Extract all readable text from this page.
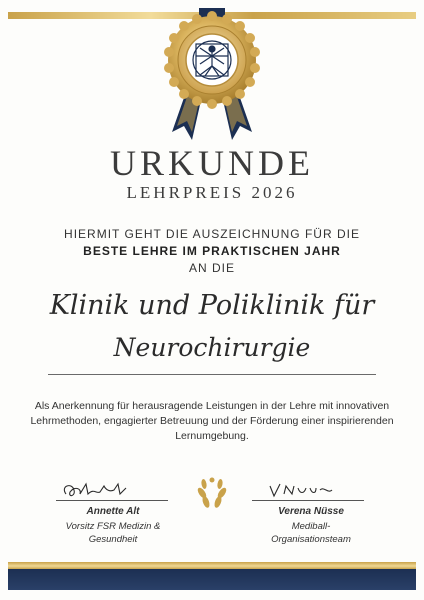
URKUNDE
LEHRPREIS 2026
HIERMIT GEHT DIE AUSZEICHNUNG FÜR DIE
BESTE LEHRE IM PRAKTISCHEN JAHR
AN DIE
Klinik und Poliklinik für
Neurochirurgie
Als Anerkennung für herausragende Leistungen in der Lehre mit innovativen Lehrmethoden, engagierter Betreuung und der Förderung einer inspirierenden Lernumgebung.
Annette Alt
Vorsitz FSR Medizin &
Gesundheit
Verena Nüsse
Mediball-
Organisationsteam
